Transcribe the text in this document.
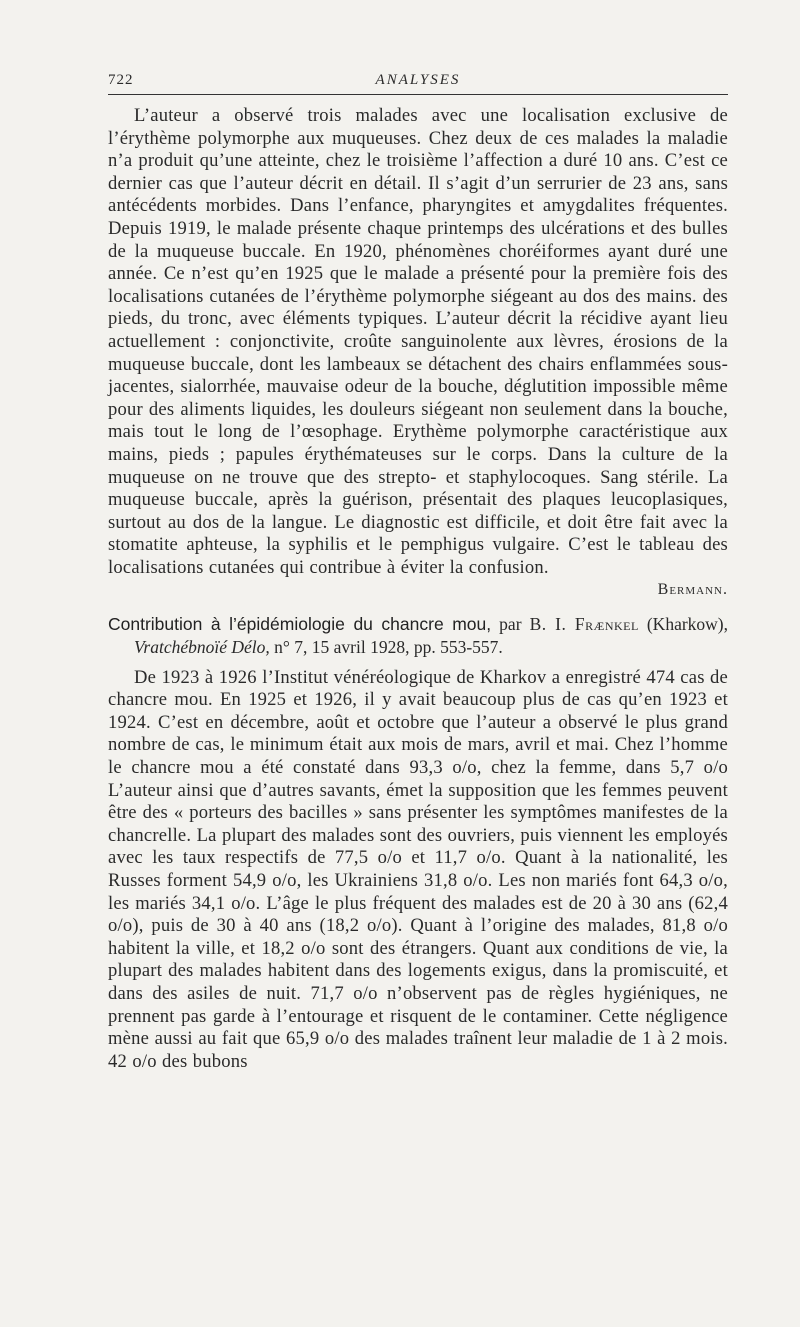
722	ANALYSES

L’auteur a observé trois malades avec une localisation exclusive de l’érythème polymorphe aux muqueuses. Chez deux de ces malades la maladie n’a produit qu’une atteinte, chez le troisième l’affection a duré 10 ans. C’est ce dernier cas que l’auteur décrit en détail. Il s’agit d’un serrurier de 23 ans, sans antécédents morbides. Dans l’enfance, pharyngites et amygdalites fréquentes. Depuis 1919, le malade présente chaque printemps des ulcérations et des bulles de la muqueuse buccale. En 1920, phénomènes choréiformes ayant duré une année. Ce n’est qu’en 1925 que le malade a présenté pour la première fois des localisations cutanées de l’érythème polymorphe siégeant au dos des mains. des pieds, du tronc, avec éléments typiques. L’auteur décrit la récidive ayant lieu actuellement : conjonctivite, croûte sanguinolente aux lèvres, érosions de la muqueuse buccale, dont les lambeaux se détachent des chairs enflammées sous-jacentes, sialorrhée, mauvaise odeur de la bouche, déglutition impossible même pour des aliments liquides, les douleurs siégeant non seulement dans la bouche, mais tout le long de l’œsophage. Erythème polymorphe caractéristique aux mains, pieds ; papules érythémateuses sur le corps. Dans la culture de la muqueuse on ne trouve que des strepto- et staphylocoques. Sang stérile. La muqueuse buccale, après la guérison, présentait des plaques leucoplasiques, surtout au dos de la langue. Le diagnostic est difficile, et doit être fait avec la stomatite aphteuse, la syphilis et le pemphigus vulgaire. C’est le tableau des localisations cutanées qui contribue à éviter la confusion.

Bermann.

Contribution à l’épidémiologie du chancre mou, par B. I. Frænkel (Kharkow), Vratchébnoïé Délo, n° 7, 15 avril 1928, pp. 553-557.

De 1923 à 1926 l’Institut vénéréologique de Kharkov a enregistré 474 cas de chancre mou. En 1925 et 1926, il y avait beaucoup plus de cas qu’en 1923 et 1924. C’est en décembre, août et octobre que l’auteur a observé le plus grand nombre de cas, le minimum était aux mois de mars, avril et mai. Chez l’homme le chancre mou a été constaté dans 93,3 o/o, chez la femme, dans 5,7 o/o L’auteur ainsi que d’autres savants, émet la supposition que les femmes peuvent être des « porteurs des bacilles » sans présenter les symptômes manifestes de la chancrelle. La plupart des malades sont des ouvriers, puis viennent les employés avec les taux respectifs de 77,5 o/o et 11,7 o/o. Quant à la nationalité, les Russes forment 54,9 o/o, les Ukrainiens 31,8 o/o. Les non mariés font 64,3 o/o, les mariés 34,1 o/o. L’âge le plus fréquent des malades est de 20 à 30 ans (62,4 o/o), puis de 30 à 40 ans (18,2 o/o). Quant à l’origine des malades, 81,8 o/o habitent la ville, et 18,2 o/o sont des étrangers. Quant aux conditions de vie, la plupart des malades habitent dans des logements exigus, dans la promiscuité, et dans des asiles de nuit. 71,7 o/o n’observent pas de règles hygiéniques, ne prennent pas garde à l’entourage et risquent de le contaminer. Cette négligence mène aussi au fait que 65,9 o/o des malades traînent leur maladie de 1 à 2 mois. 42 o/o des bubons
